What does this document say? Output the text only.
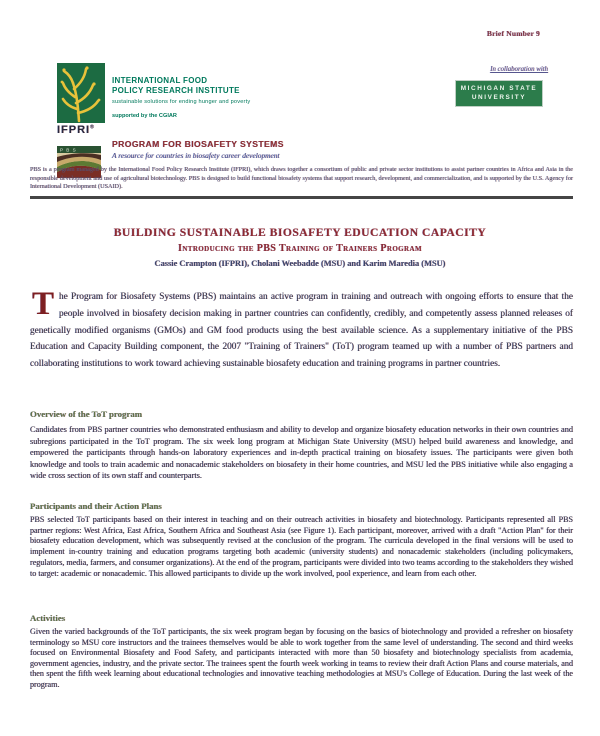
Brief Number 9
IFPRI®
INTERNATIONAL FOOD
POLICY RESEARCH INSTITUTE
sustainable solutions for ending hunger and poverty
supported by the CGIAR
In collaboration with
MICHIGAN STATE
UNIVERSITY
P B S
PROGRAM FOR BIOSAFETY SYSTEMS
A resource for countries in biosafety career development
PBS is a program managed by the International Food Policy Research Institute (IFPRI), which draws together a consortium of public and private sector institutions to assist partner countries in Africa and Asia in the responsible development and use of agricultural biotechnology. PBS is designed to build functional biosafety systems that support research, development, and commercialization, and is supported by the U.S. Agency for International Development (USAID).
BUILDING SUSTAINABLE BIOSAFETY EDUCATION CAPACITY
Introducing the PBS Training of Trainers Program
Cassie Crampton (IFPRI), Cholani Weebadde (MSU) and Karim Maredia (MSU)
The Program for Biosafety Systems (PBS) maintains an active program in training and outreach with ongoing efforts to ensure that the people involved in biosafety decision making in partner countries can confidently, credibly, and competently assess planned releases of genetically modified organisms (GMOs) and GM food products using the best available science. As a supplementary initiative of the PBS Education and Capacity Building component, the 2007 "Training of Trainers" (ToT) program teamed up with a number of PBS partners and collaborating institutions to work toward achieving sustainable biosafety education and training programs in partner countries.
Overview of the ToT program
Candidates from PBS partner countries who demonstrated enthusiasm and ability to develop and organize biosafety education networks in their own countries and subregions participated in the ToT program. The six week long program at Michigan State University (MSU) helped build awareness and knowledge, and empowered the participants through hands-on laboratory experiences and in-depth practical training on biosafety issues. The participants were given both knowledge and tools to train academic and nonacademic stakeholders on biosafety in their home countries, and MSU led the PBS initiative while also engaging a wide cross section of its own staff and counterparts.
Participants and their Action Plans
PBS selected ToT participants based on their interest in teaching and on their outreach activities in biosafety and biotechnology. Participants represented all PBS partner regions: West Africa, East Africa, Southern Africa and Southeast Asia (see Figure 1). Each participant, moreover, arrived with a draft "Action Plan" for their biosafety education development, which was subsequently revised at the conclusion of the program. The curricula developed in the final versions will be used to implement in-country training and education programs targeting both academic (university students) and nonacademic stakeholders (including policymakers, regulators, media, farmers, and consumer organizations). At the end of the program, participants were divided into two teams according to the stakeholders they wished to target: academic or nonacademic. This allowed participants to divide up the work involved, pool experience, and learn from each other.
Activities
Given the varied backgrounds of the ToT participants, the six week program began by focusing on the basics of biotechnology and provided a refresher on biosafety terminology so MSU core instructors and the trainees themselves would be able to work together from the same level of understanding. The second and third weeks focused on Environmental Biosafety and Food Safety, and participants interacted with more than 50 biosafety and biotechnology specialists from academia, government agencies, industry, and the private sector. The trainees spent the fourth week working in teams to review their draft Action Plans and course materials, and then spent the fifth week learning about educational technologies and innovative teaching methodologies at MSU's College of Education. During the last week of the program.
